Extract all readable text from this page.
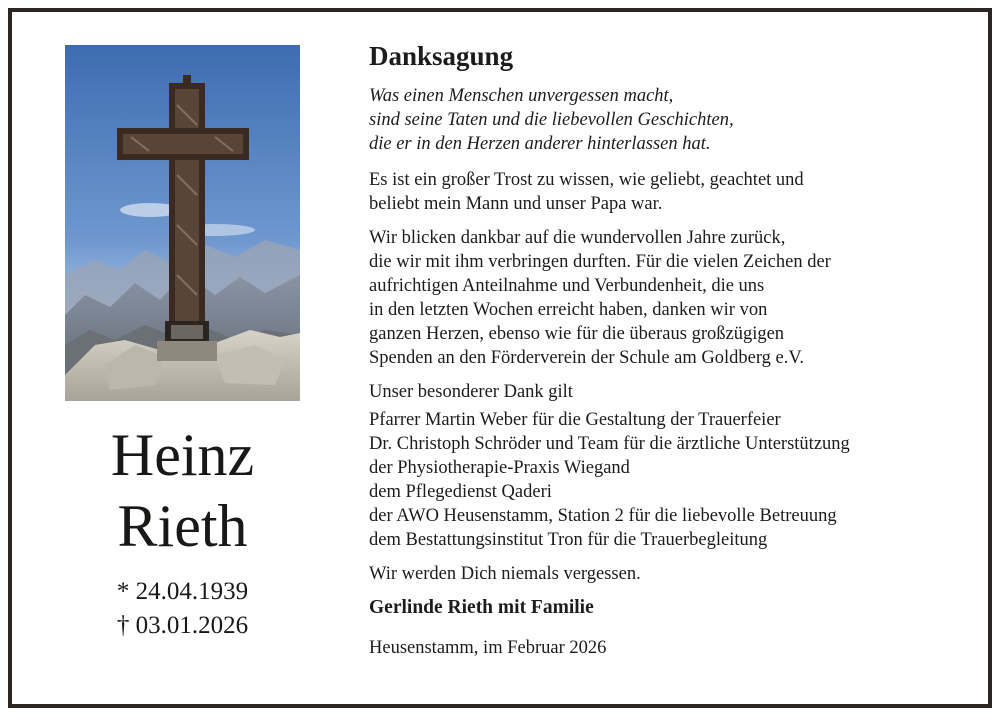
Heinz
Rieth
* 24.04.1939
† 03.01.2026
Danksagung
Was einen Menschen unvergessen macht,
sind seine Taten und die liebevollen Geschichten,
die er in den Herzen anderer hinterlassen hat.
Es ist ein großer Trost zu wissen, wie geliebt, geachtet und
beliebt mein Mann und unser Papa war.
Wir blicken dankbar auf die wundervollen Jahre zurück,
die wir mit ihm verbringen durften. Für die vielen Zeichen der
aufrichtigen Anteilnahme und Verbundenheit, die uns
in den letzten Wochen erreicht haben, danken wir von
ganzen Herzen, ebenso wie für die überaus großzügigen
Spenden an den Förderverein der Schule am Goldberg e.V.
Unser besonderer Dank gilt
Pfarrer Martin Weber für die Gestaltung der Trauerfeier
Dr. Christoph Schröder und Team für die ärztliche Unterstützung
der Physiotherapie-Praxis Wiegand
dem Pflegedienst Qaderi
der AWO Heusenstamm, Station 2 für die liebevolle Betreuung
dem Bestattungsinstitut Tron für die Trauerbegleitung
Wir werden Dich niemals vergessen.
Gerlinde Rieth mit Familie
Heusenstamm, im Februar 2026
